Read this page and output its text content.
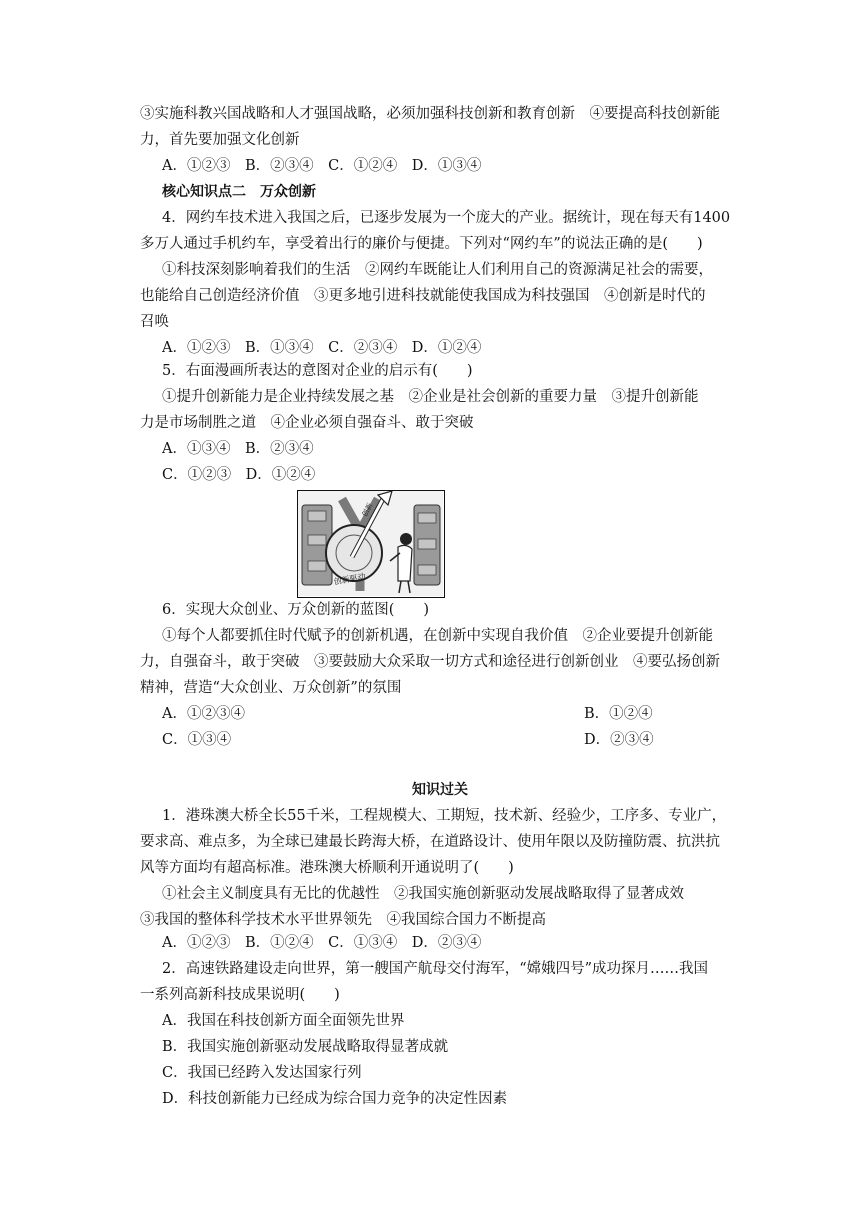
③实施科教兴国战略和人才强国战略，必须加强科技创新和教育创新　④要提高科技创新能
力，首先要加强文化创新
A．①②③　B．②③④　C．①②④　D．①③④
核心知识点二　万众创新
4．网约车技术进入我国之后，已逐步发展为一个庞大的产业。据统计，现在每天有1400
多万人通过手机约车，享受着出行的廉价与便捷。下列对“网约车”的说法正确的是(　　)
①科技深刻影响着我们的生活　②网约车既能让人们利用自己的资源满足社会的需要，
也能给自己创造经济价值　③更多地引进科技就能使我国成为科技强国　④创新是时代的
召唤
A．①②③　B．①③④　C．②③④　D．①②④
5．右面漫画所表达的意图对企业的启示有(　　)
①提升创新能力是企业持续发展之基　②企业是社会创新的重要力量　③提升创新能
力是市场制胜之道　④企业必须自强奋斗、敢于突破
A．①③④　B．②③④
C．①②③　D．①②④
创新驱动
创新
6．实现大众创业、万众创新的蓝图(　　)
①每个人都要抓住时代赋予的创新机遇，在创新中实现自我价值　②企业要提升创新能
力，自强奋斗，敢于突破　③要鼓励大众采取一切方式和途径进行创新创业　④要弘扬创新
精神，营造“大众创业、万众创新”的氛围
A．①②③④	B．①②④
C．①③④	D．②③④
知识过关
1．港珠澳大桥全长55千米，工程规模大、工期短，技术新、经验少，工序多、专业广，
要求高、难点多，为全球已建最长跨海大桥，在道路设计、使用年限以及防撞防震、抗洪抗
风等方面均有超高标准。港珠澳大桥顺利开通说明了(　　)
①社会主义制度具有无比的优越性　②我国实施创新驱动发展战略取得了显著成效
③我国的整体科学技术水平世界领先　④我国综合国力不断提高
A．①②③　B．①②④　C．①③④　D．②③④
2．高速铁路建设走向世界，第一艘国产航母交付海军，“嫦娥四号”成功探月……我国
一系列高新科技成果说明(　　)
A．我国在科技创新方面全面领先世界
B．我国实施创新驱动发展战略取得显著成就
C．我国已经跨入发达国家行列
D．科技创新能力已经成为综合国力竞争的决定性因素
